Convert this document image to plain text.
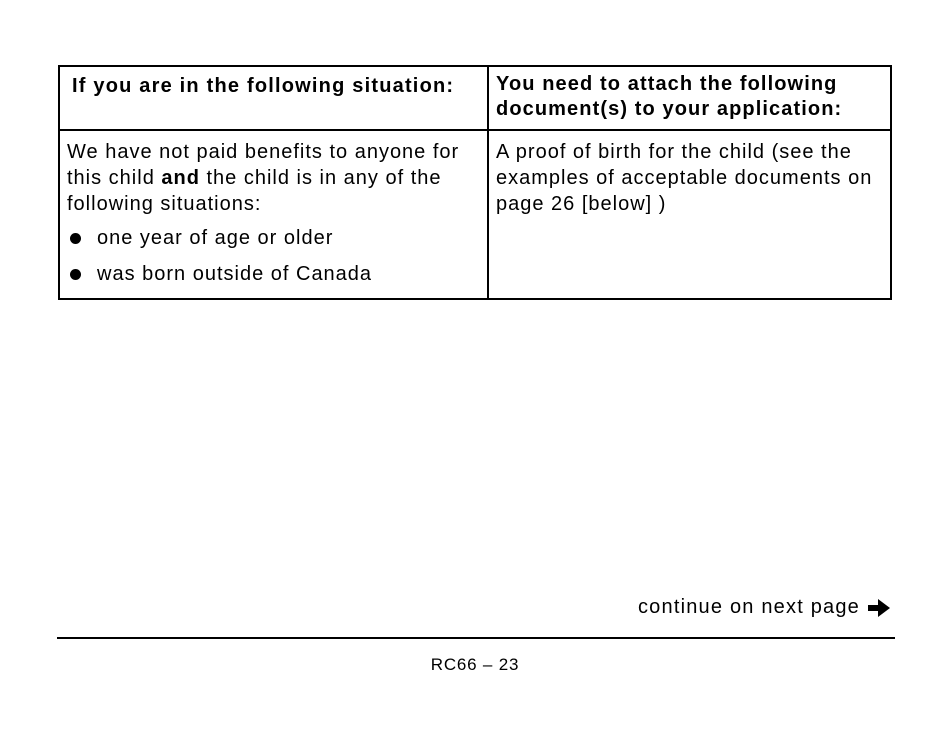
If you are in the following situation:	You need to attach the following document(s) to your application:
We have not paid benefits to anyone for this child and the child is in any of the following situations:
one year of age or older
was born outside of Canada
A proof of birth for the child (see the examples of acceptable documents on page 26 [below] )
continue on next page
RC66 – 23
